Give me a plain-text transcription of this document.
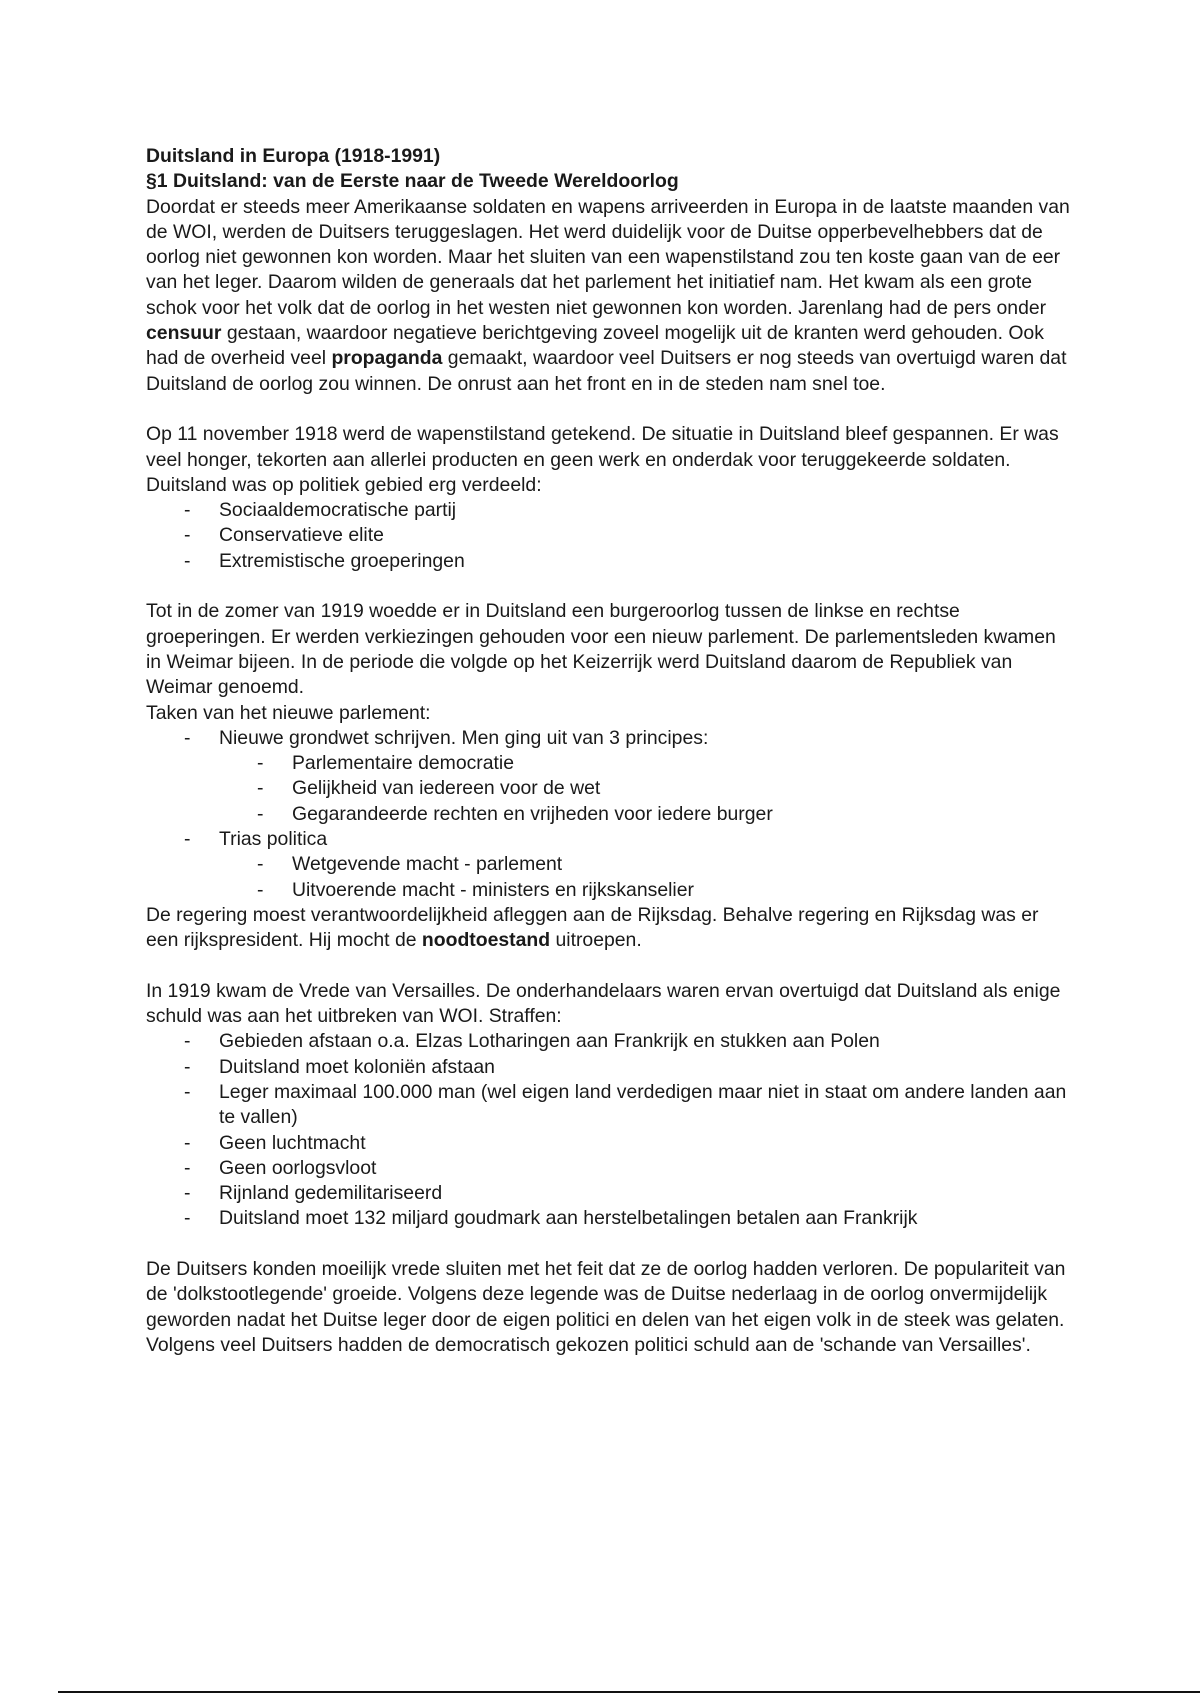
Duitsland in Europa (1918-1991)

§1 Duitsland: van de Eerste naar de Tweede Wereldoorlog

Doordat er steeds meer Amerikaanse soldaten en wapens arriveerden in Europa in de laatste maanden van de WOI, werden de Duitsers teruggeslagen. Het werd duidelijk voor de Duitse opperbevelhebbers dat de oorlog niet gewonnen kon worden. Maar het sluiten van een wapenstilstand zou ten koste gaan van de eer van het leger. Daarom wilden de generaals dat het parlement het initiatief nam. Het kwam als een grote schok voor het volk dat de oorlog in het westen niet gewonnen kon worden. Jarenlang had de pers onder
censuur gestaan, waardoor negatieve berichtgeving zoveel mogelijk uit de kranten werd gehouden. Ook had de overheid veel propaganda gemaakt, waardoor veel Duitsers er nog steeds van overtuigd waren dat Duitsland de oorlog zou winnen. De onrust aan het front en in de steden nam snel toe.

Op 11 november 1918 werd de wapenstilstand getekend. De situatie in Duitsland bleef gespannen. Er was veel honger, tekorten aan allerlei producten en geen werk en onderdak voor teruggekeerde soldaten. Duitsland was op politiek gebied erg verdeeld:

- Sociaaldemocratische partij
- Conservatieve elite
- Extremistische groeperingen

Tot in de zomer van 1919 woedde er in Duitsland een burgeroorlog tussen de linkse en rechtse groeperingen. Er werden verkiezingen gehouden voor een nieuw parlement. De parlementsleden kwamen in Weimar bijeen. In de periode die volgde op het Keizerrijk werd Duitsland daarom de Republiek van Weimar genoemd.

Taken van het nieuwe parlement:

- Nieuwe grondwet schrijven. Men ging uit van 3 principes:
- Parlementaire democratie
- Gelijkheid van iedereen voor de wet
- Gegarandeerde rechten en vrijheden voor iedere burger
- Trias politica
- Wetgevende macht - parlement
- Uitvoerende macht - ministers en rijkskanselier

De regering moest verantwoordelijkheid afleggen aan de Rijksdag. Behalve regering en Rijksdag was er een rijkspresident. Hij mocht de noodtoestand uitroepen.

In 1919 kwam de Vrede van Versailles. De onderhandelaars waren ervan overtuigd dat Duitsland als enige schuld was aan het uitbreken van WOI. Straffen:

- Gebieden afstaan o.a. Elzas Lotharingen aan Frankrijk en stukken aan Polen
- Duitsland moet koloniën afstaan
- Leger maximaal 100.000 man (wel eigen land verdedigen maar niet in staat om andere landen aan te vallen)
- Geen luchtmacht
- Geen oorlogsvloot
- Rijnland gedemilitariseerd
- Duitsland moet 132 miljard goudmark aan herstelbetalingen betalen aan Frankrijk

De Duitsers konden moeilijk vrede sluiten met het feit dat ze de oorlog hadden verloren. De populariteit van de 'dolkstootlegende' groeide. Volgens deze legende was de Duitse nederlaag in de oorlog onvermijdelijk geworden nadat het Duitse leger door de eigen politici en delen van het eigen volk in de steek was gelaten. Volgens veel Duitsers hadden de democratisch gekozen politici schuld aan de 'schande van Versailles'.
